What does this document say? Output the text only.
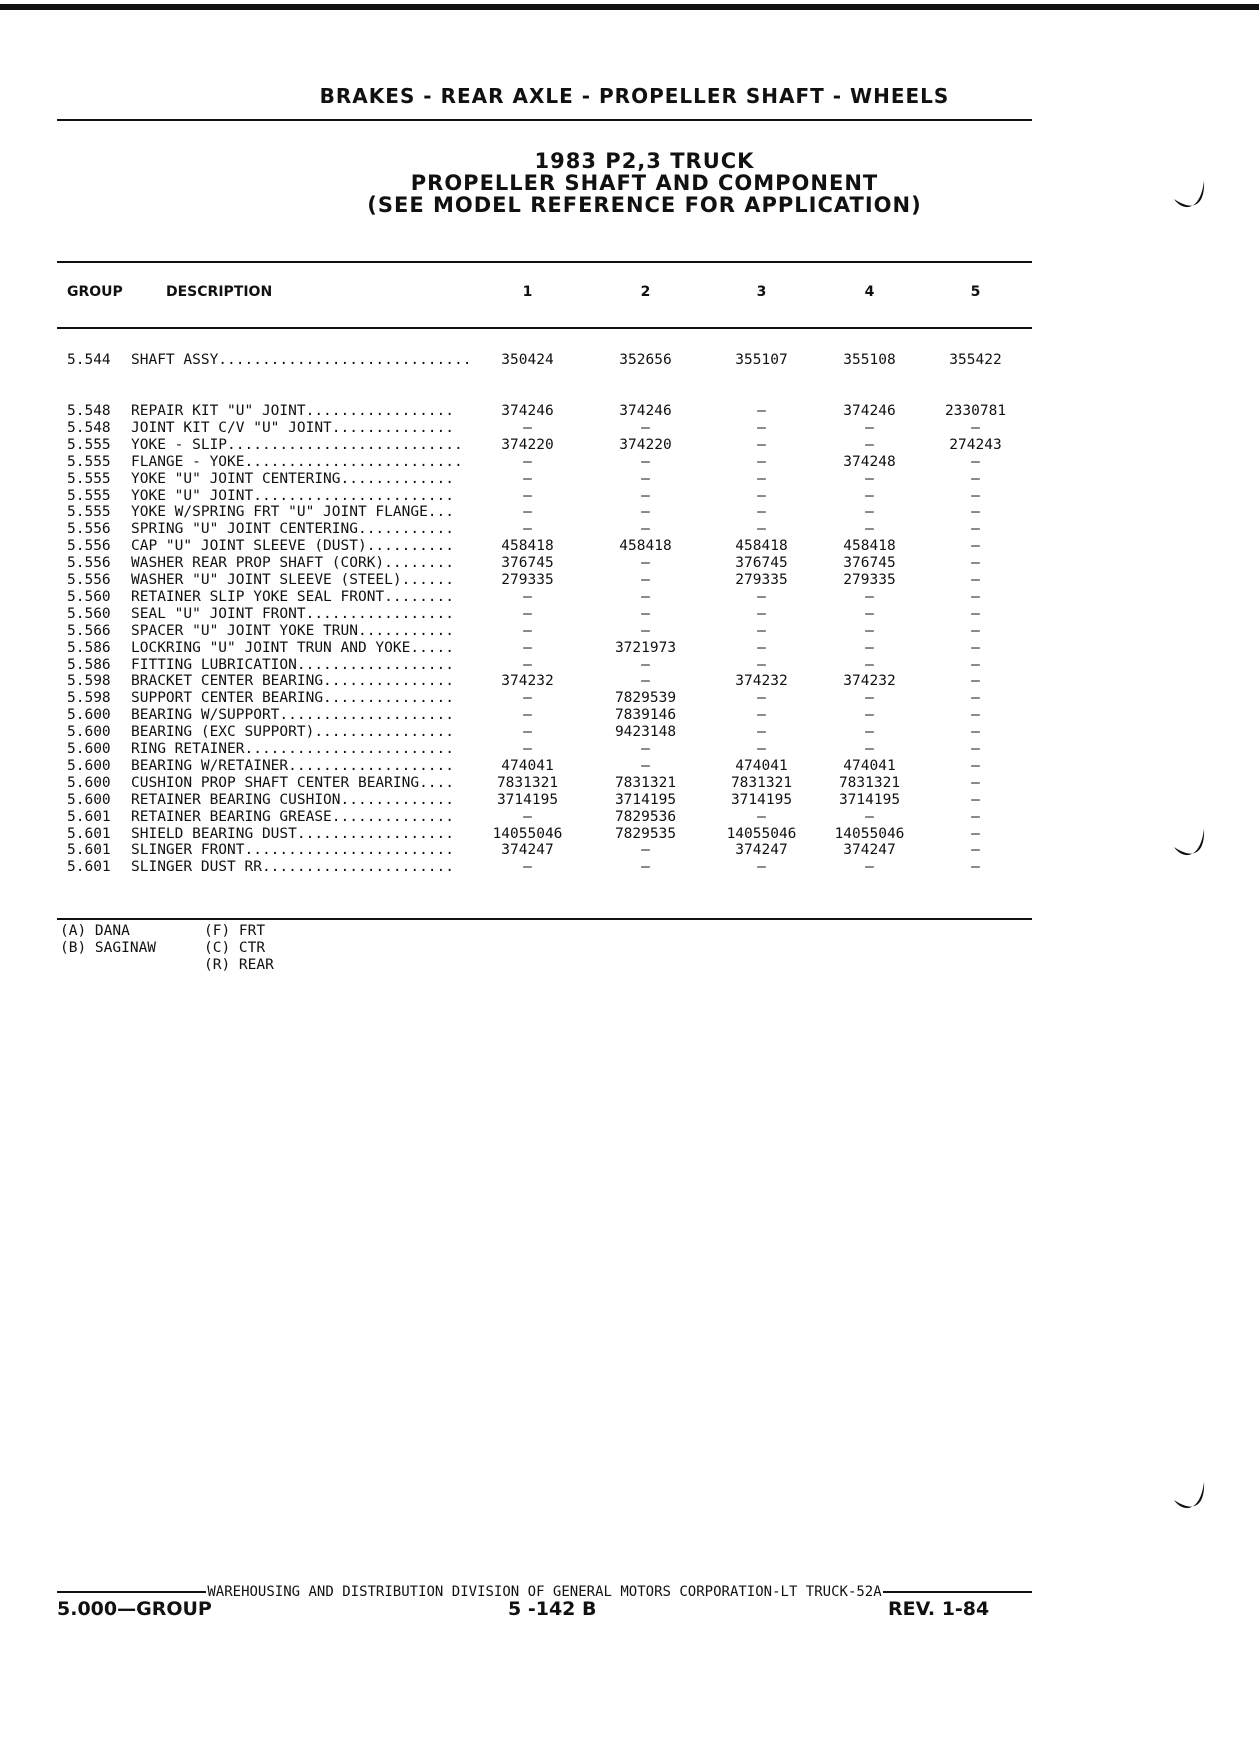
BRAKES - REAR AXLE - PROPELLER SHAFT - WHEELS
1983 P2,3 TRUCK
PROPELLER SHAFT AND COMPONENT
(SEE MODEL REFERENCE FOR APPLICATION)
GROUP	DESCRIPTION	1	2	3	4	5
5.544 SHAFT ASSY.............................	350424	352656	355107	355108	355422
5.548 REPAIR KIT "U" JOINT.................	374246	374246	—	374246	2330781
5.548 JOINT KIT C/V "U" JOINT..............	—	—	—	—	—
5.555 YOKE - SLIP...........................	374220	374220	—	—	274243
5.555 FLANGE - YOKE.........................	—	—	—	374248	—
5.555 YOKE "U" JOINT CENTERING.............	—	—	—	—	—
5.555 YOKE "U" JOINT.......................	—	—	—	—	—
5.555 YOKE W/SPRING FRT "U" JOINT FLANGE...	—	—	—	—	—
5.556 SPRING "U" JOINT CENTERING...........	—	—	—	—	—
5.556 CAP "U" JOINT SLEEVE (DUST)..........	458418	458418	458418	458418	—
5.556 WASHER REAR PROP SHAFT (CORK)........	376745	—	376745	376745	—
5.556 WASHER "U" JOINT SLEEVE (STEEL)......	279335	—	279335	279335	—
5.560 RETAINER SLIP YOKE SEAL FRONT........	—	—	—	—	—
5.560 SEAL "U" JOINT FRONT.................	—	—	—	—	—
5.566 SPACER "U" JOINT YOKE TRUN...........	—	—	—	—	—
5.586 LOCKRING "U" JOINT TRUN AND YOKE.....	—	3721973	—	—	—
5.586 FITTING LUBRICATION..................	—	—	—	—	—
5.598 BRACKET CENTER BEARING...............	374232	—	374232	374232	—
5.598 SUPPORT CENTER BEARING...............	—	7829539	—	—	—
5.600 BEARING W/SUPPORT....................	—	7839146	—	—	—
5.600 BEARING (EXC SUPPORT)................	—	9423148	—	—	—
5.600 RING RETAINER........................	—	—	—	—	—
5.600 BEARING W/RETAINER...................	474041	—	474041	474041	—
5.600 CUSHION PROP SHAFT CENTER BEARING....	7831321	7831321	7831321	7831321	—
5.600 RETAINER BEARING CUSHION.............	3714195	3714195	3714195	3714195	—
5.601 RETAINER BEARING GREASE..............	—	7829536	—	—	—
5.601 SHIELD BEARING DUST..................	14055046	7829535	14055046	14055046	—
5.601 SLINGER FRONT........................	374247	—	374247	374247	—
5.601 SLINGER DUST RR......................	—	—	—	—	—
(A) DANA
(B) SAGINAW
(F) FRT
(C) CTR
(R) REAR
WAREHOUSING AND DISTRIBUTION DIVISION OF GENERAL MOTORS CORPORATION-LT TRUCK-52A
5.000—GROUP	5 -142 B	REV. 1-84
